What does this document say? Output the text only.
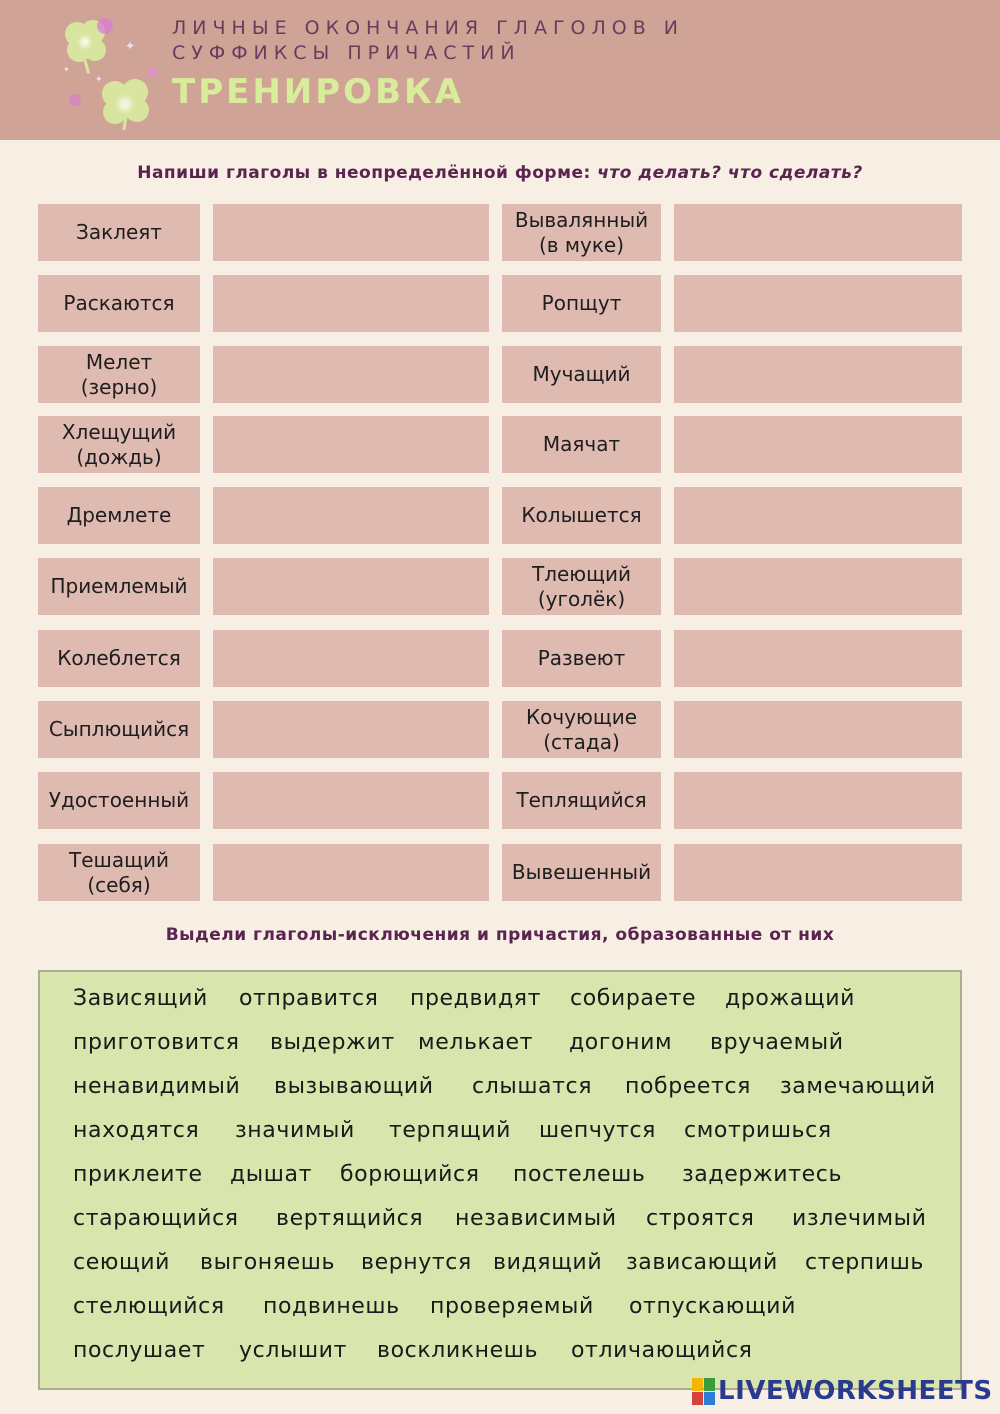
✦
✦
✦
ЛИЧНЫЕ ОКОНЧАНИЯ ГЛАГОЛОВ И
СУФФИКСЫ ПРИЧАСТИЙ
ТРЕНИРОВКА
Напиши глаголы в неопределённой форме: что делать? что сделать?
Заклеят
Раскаются
Мелет
(зерно)
Хлещущий
(дождь)
Дремлете
Приемлемый
Колеблется
Сыплющийся
Удостоенный
Тешащий
(себя)
Вывалянный
(в муке)
Ропщут
Мучащий
Маячат
Колышется
Тлеющий
(уголёк)
Развеют
Кочующие
(стада)
Теплящийся
Вывешенный
Выдели глаголы-исключения и причастия, образованные от них
Зависящий отправится предвидят собираете дрожащий
приготовится выдержит мелькает догоним вручаемый
ненавидимый вызывающий слышатся побреется замечающий
находятся значимый терпящий шепчутся смотришься
приклеите дышат борющийся постелешь задержитесь
старающийся вертящийся независимый строятся излечимый
сеющий выгоняешь вернутся видящий зависающий стерпишь
стелющийся подвинешь проверяемый отпускающий
послушает услышит воскликнешь отличающийся
LIVEWORKSHEETS
